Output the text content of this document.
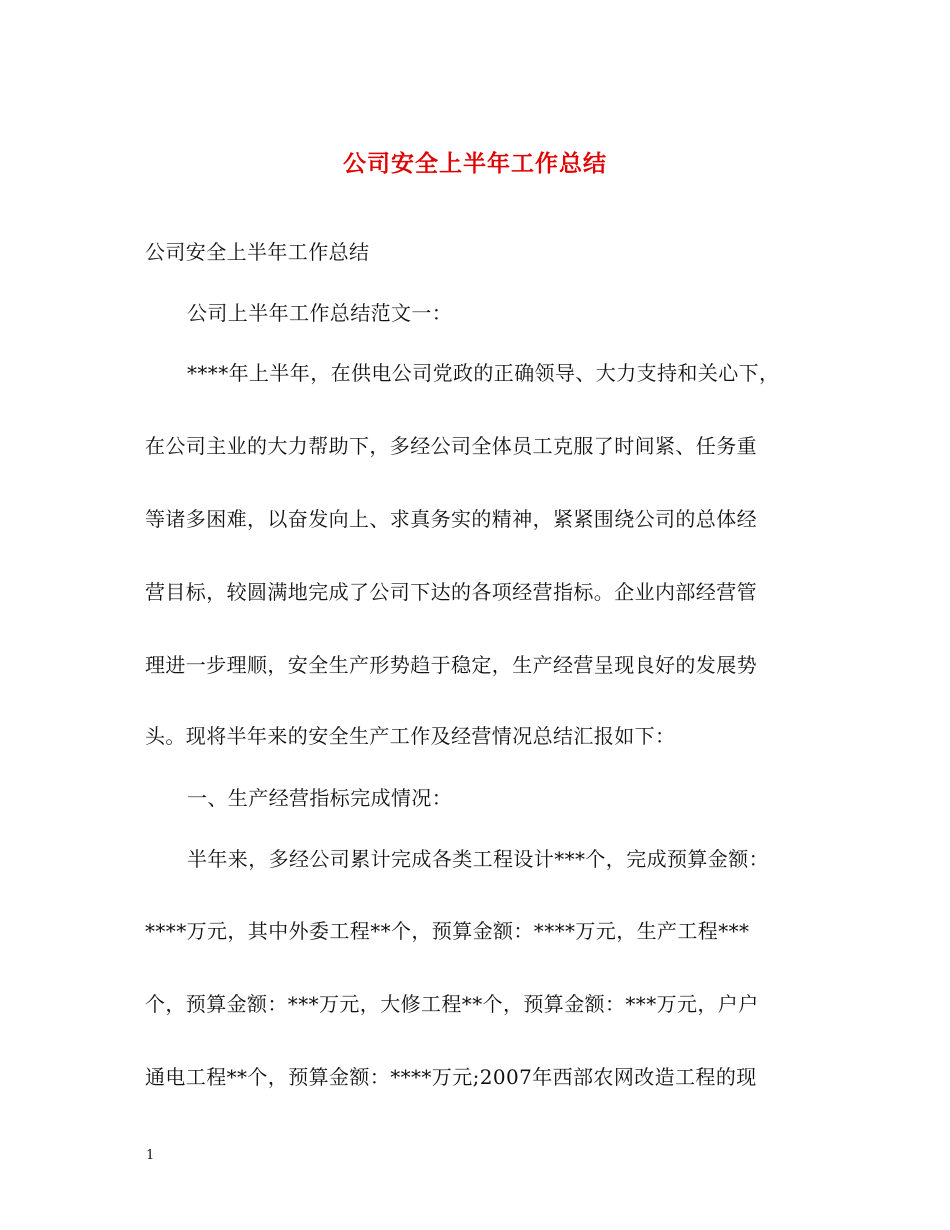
公司安全上半年工作总结
公司安全上半年工作总结
公司上半年工作总结范文一：
****年上半年，在供电公司党政的正确领导、大力支持和关心下，
在公司主业的大力帮助下，多经公司全体员工克服了时间紧、任务重
等诸多困难，以奋发向上、求真务实的精神，紧紧围绕公司的总体经
营目标，较圆满地完成了公司下达的各项经营指标。企业内部经营管
理进一步理顺，安全生产形势趋于稳定，生产经营呈现良好的发展势
头。现将半年来的安全生产工作及经营情况总结汇报如下：
一、生产经营指标完成情况：
半年来，多经公司累计完成各类工程设计***个，完成预算金额：
****万元，其中外委工程**个，预算金额：****万元，生产工程***
个，预算金额：***万元，大修工程**个，预算金额：***万元，户户
通电工程**个，预算金额：****万元;2007年西部农网改造工程的现
1
